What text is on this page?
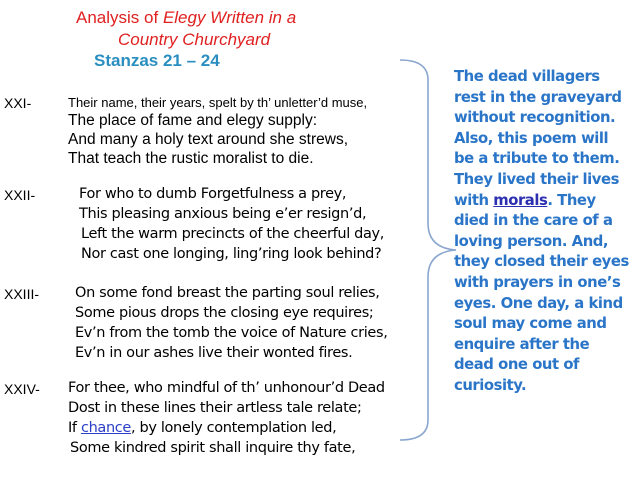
Analysis of Elegy Written in a
Country Churchyard
Stanzas 21 – 24
XXI-	Their name, their years, spelt by th’ unletter’d muse,
The place of fame and elegy supply:
And many a holy text around she strews,
That teach the rustic moralist to die.
XXII-	For who to dumb Forgetfulness a prey,
This pleasing anxious being e’er resign’d,
Left the warm precincts of the cheerful day,
Nor cast one longing, ling’ring look behind?
XXIII- On some fond breast the parting soul relies,
Some pious drops the closing eye requires;
Ev’n from the tomb the voice of Nature cries,
Ev’n in our ashes live their wonted fires.
XXIV- For thee, who mindful of th’ unhonour’d Dead
Dost in these lines their artless tale relate;
If chance, by lonely contemplation led,
Some kindred spirit shall inquire thy fate,
The dead villagers
rest in the graveyard
without recognition.
Also, this poem will
be a tribute to them.
They lived their lives
with morals. They
died in the care of a
loving person. And,
they closed their eyes
with prayers in one’s
eyes. One day, a kind
soul may come and
enquire after the
dead one out of
curiosity.
